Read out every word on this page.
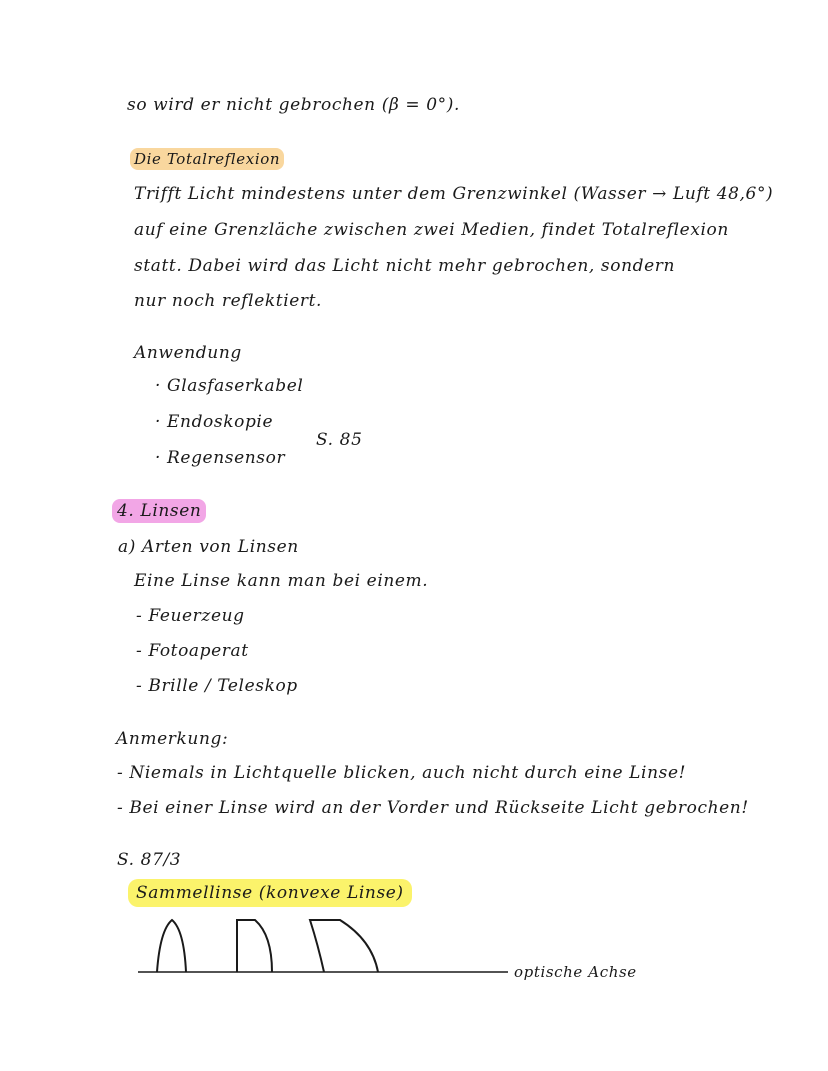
so wird er nicht gebrochen (β = 0°).
Die Totalreflexion
Trifft Licht mindestens unter dem Grenzwinkel (Wasser → Luft 48,6°)
auf eine Grenzläche zwischen zwei Medien, findet Totalreflexion
statt. Dabei wird das Licht nicht mehr gebrochen, sondern
nur noch reflektiert.
Anwendung
· Glasfaserkabel
· Endoskopie
· Regensensor
S. 85
4. Linsen
a) Arten von Linsen
Eine Linse kann man bei einem.
- Feuerzeug
- Fotoaperat
- Brille / Teleskop
Anmerkung:
- Niemals in Lichtquelle blicken, auch nicht durch eine Linse!
- Bei einer Linse wird an der Vorder und Rückseite Licht gebrochen!
S. 87/3
Sammellinse (konvexe Linse)
optische Achse
